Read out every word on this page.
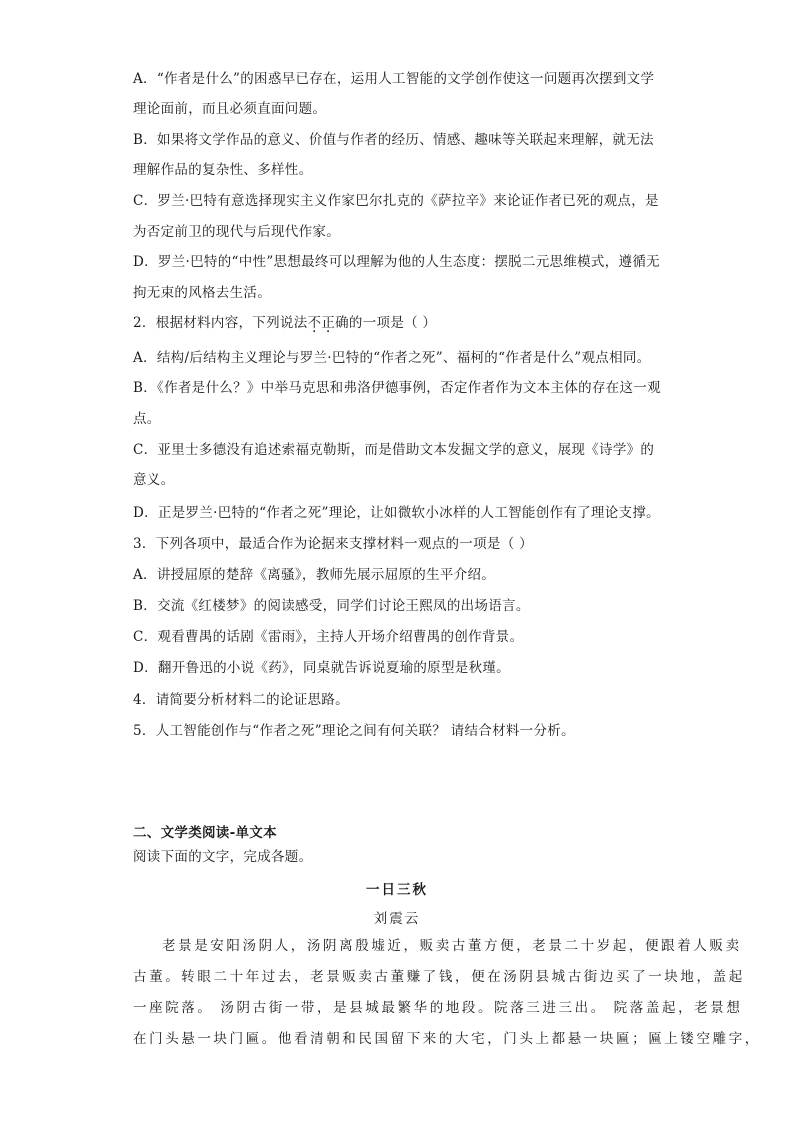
A．“作者是什么”的困惑早已存在，运用人工智能的文学创作使这一问题再次摆到文学
理论面前，而且必须直面问题。
B．如果将文学作品的意义、价值与作者的经历、情感、趣味等关联起来理解，就无法
理解作品的复杂性、多样性。
C．罗兰·巴特有意选择现实主义作家巴尔扎克的《萨拉辛》来论证作者已死的观点，是
为否定前卫的现代与后现代作家。
D．罗兰·巴特的“中性”思想最终可以理解为他的人生态度：摆脱二元思维模式，遵循无
拘无束的风格去生活。
2．根据材料内容，下列说法不正确的一项是（ ）
A．结构/后结构主义理论与罗兰·巴特的“作者之死”、福柯的“作者是什么”观点相同。
B．《作者是什么？》中举马克思和弗洛伊德事例，否定作者作为文本主体的存在这一观
点。
C．亚里士多德没有追述索福克勒斯，而是借助文本发掘文学的意义，展现《诗学》的
意义。
D．正是罗兰·巴特的“作者之死”理论，让如微软小冰样的人工智能创作有了理论支撑。
3．下列各项中，最适合作为论据来支撑材料一观点的一项是（ ）
A．讲授屈原的楚辞《离骚》，教师先展示屈原的生平介绍。
B．交流《红楼梦》的阅读感受，同学们讨论王熙凤的出场语言。
C．观看曹禺的话剧《雷雨》，主持人开场介绍曹禺的创作背景。
D．翻开鲁迅的小说《药》，同桌就告诉说夏瑜的原型是秋瑾。
4．请简要分析材料二的论证思路。
5．人工智能创作与“作者之死”理论之间有何关联？ 请结合材料一分析。
二、文学类阅读-单文本
阅读下面的文字，完成各题。
一日三秋
刘震云
老景是安阳汤阴人，汤阴离殷墟近，贩卖古董方便，老景二十岁起，便跟着人贩卖
古董。转眼二十年过去，老景贩卖古董赚了钱，便在汤阴县城古街边买了一块地，盖起
一座院落。 汤阴古街一带，是县城最繁华的地段。院落三进三出。 院落盖起，老景想
在门头悬一块门匾。他看清朝和民国留下来的大宅，门头上都悬一块匾；匾上镂空雕字，
